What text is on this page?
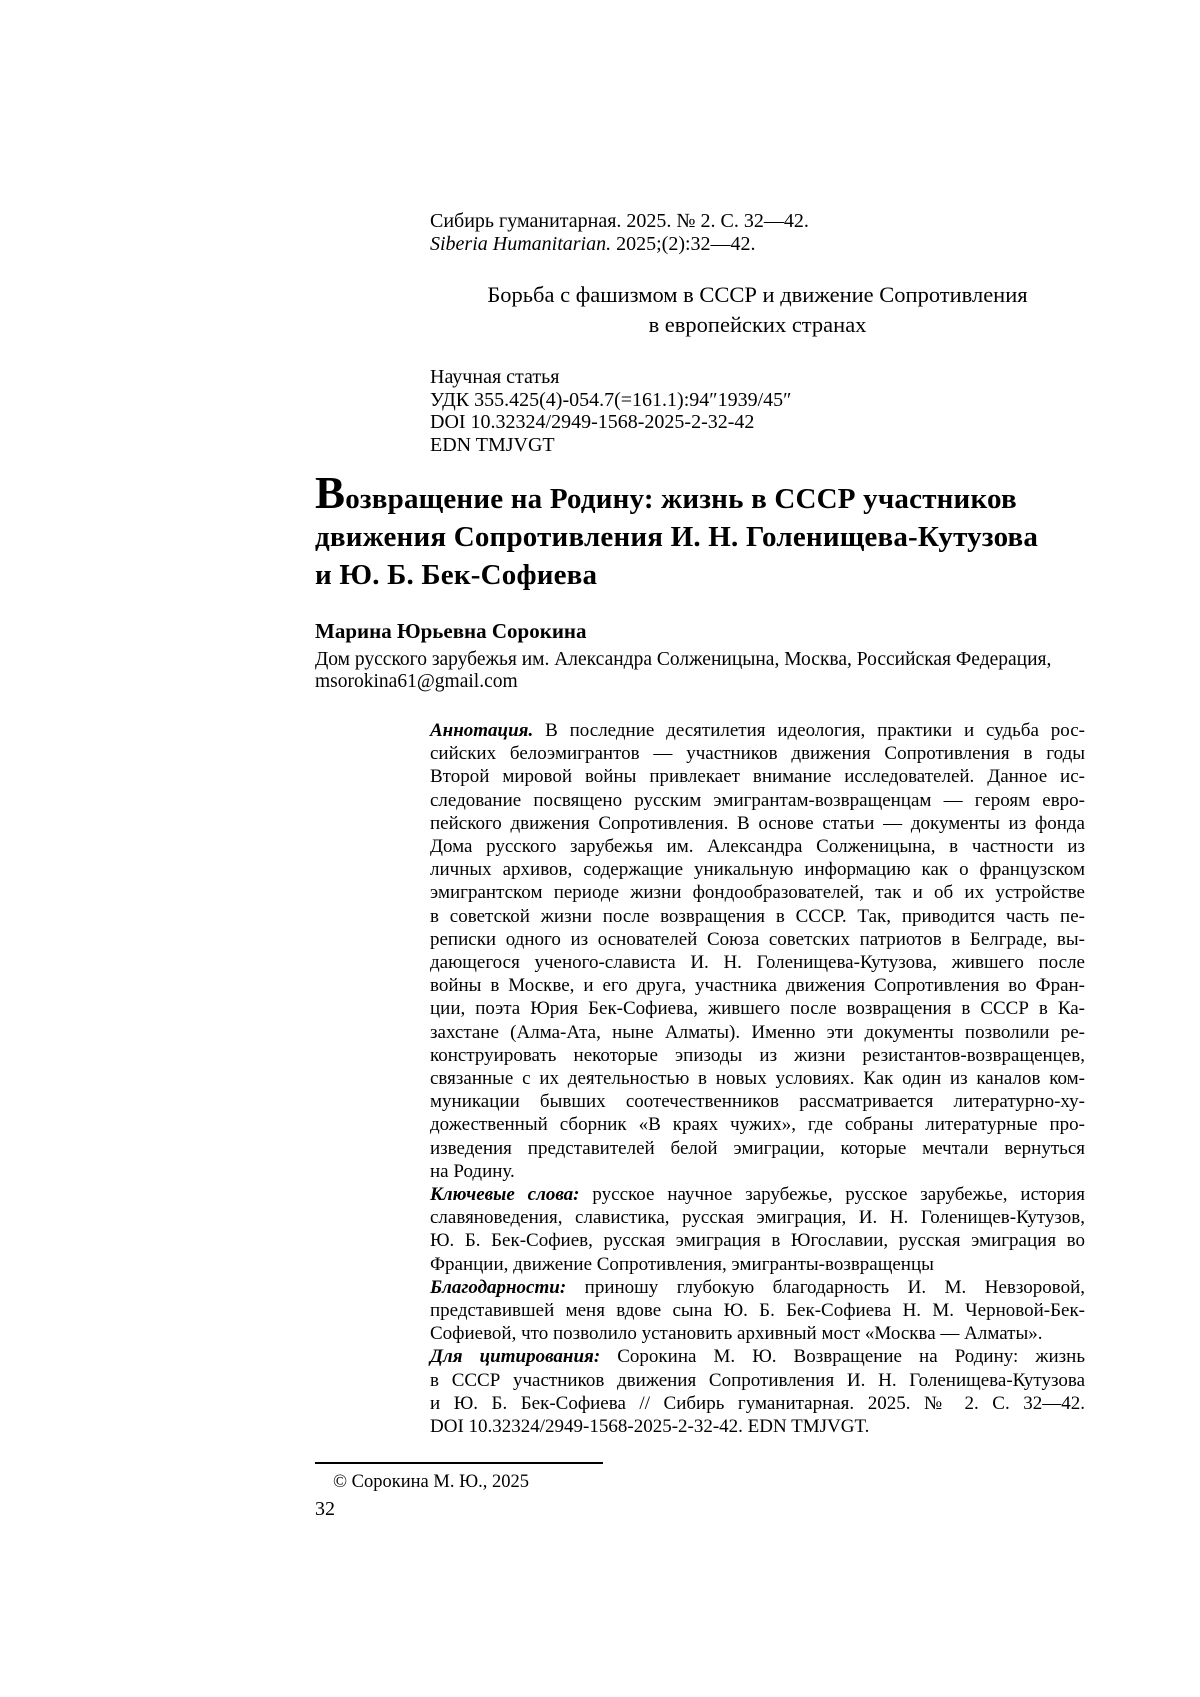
Сибирь гуманитарная. 2025. № 2. С. 32—42.
Siberia Humanitarian. 2025;(2):32—42.
Борьба с фашизмом в СССР и движение Сопротивления
в европейских странах
Научная статья
УДК 355.425(4)-054.7(=161.1):94″1939/45″
DOI 10.32324/2949-1568-2025-2-32-42
EDN TMJVGT
Возвращение на Родину: жизнь в СССР участников
движения Сопротивления И. Н. Голенищева-Кутузова
и Ю. Б. Бек-Софиева
Марина Юрьевна Сорокина
Дом русского зарубежья им. Александра Солженицына, Москва, Российская Федерация,
msorokina61@gmail.com
Аннотация. В последние десятилетия идеология, практики и судьба рос-
сийских белоэмигрантов — участников движения Сопротивления в годы
Второй мировой войны привлекает внимание исследователей. Данное ис-
следование посвящено русским эмигрантам-возвращенцам — героям евро-
пейского движения Сопротивления. В основе статьи — документы из фонда
Дома русского зарубежья им. Александра Солженицына, в частности из
личных архивов, содержащие уникальную информацию как о французском
эмигрантском периоде жизни фондообразователей, так и об их устройстве
в советской жизни после возвращения в СССР. Так, приводится часть пе-
реписки одного из основателей Союза советских патриотов в Белграде, вы-
дающегося ученого-слависта И. Н. Голенищева-Кутузова, жившего после
войны в Москве, и его друга, участника движения Сопротивления во Фран-
ции, поэта Юрия Бек-Софиева, жившего после возвращения в СССР в Ка-
захстане (Алма-Ата, ныне Алматы). Именно эти документы позволили ре-
конструировать некоторые эпизоды из жизни резистантов-возвращенцев,
связанные с их деятельностью в новых условиях. Как один из каналов ком-
муникации бывших соотечественников рассматривается литературно-ху-
дожественный сборник «В краях чужих», где собраны литературные про-
изведения представителей белой эмиграции, которые мечтали вернуться
на Родину.
Ключевые слова: русское научное зарубежье, русское зарубежье, история
славяноведения, славистика, русская эмиграция, И. Н. Голенищев-Кутузов,
Ю. Б. Бек-Софиев, русская эмиграция в Югославии, русская эмиграция во
Франции, движение Сопротивления, эмигранты-возвращенцы
Благодарности: приношу глубокую благодарность И. М. Невзоровой,
представившей меня вдове сына Ю. Б. Бек-Софиева Н. М. Черновой-Бек-
Софиевой, что позволило установить архивный мост «Москва — Алматы».
Для цитирования: Сорокина М. Ю. Возвращение на Родину: жизнь
в СССР участников движения Сопротивления И. Н. Голенищева-Кутузова
и Ю. Б. Бек-Софиева // Сибирь гуманитарная. 2025. № 2. С. 32—42.
DOI 10.32324/2949-1568-2025-2-32-42. EDN TMJVGT.
© Сорокина М. Ю., 2025
32
